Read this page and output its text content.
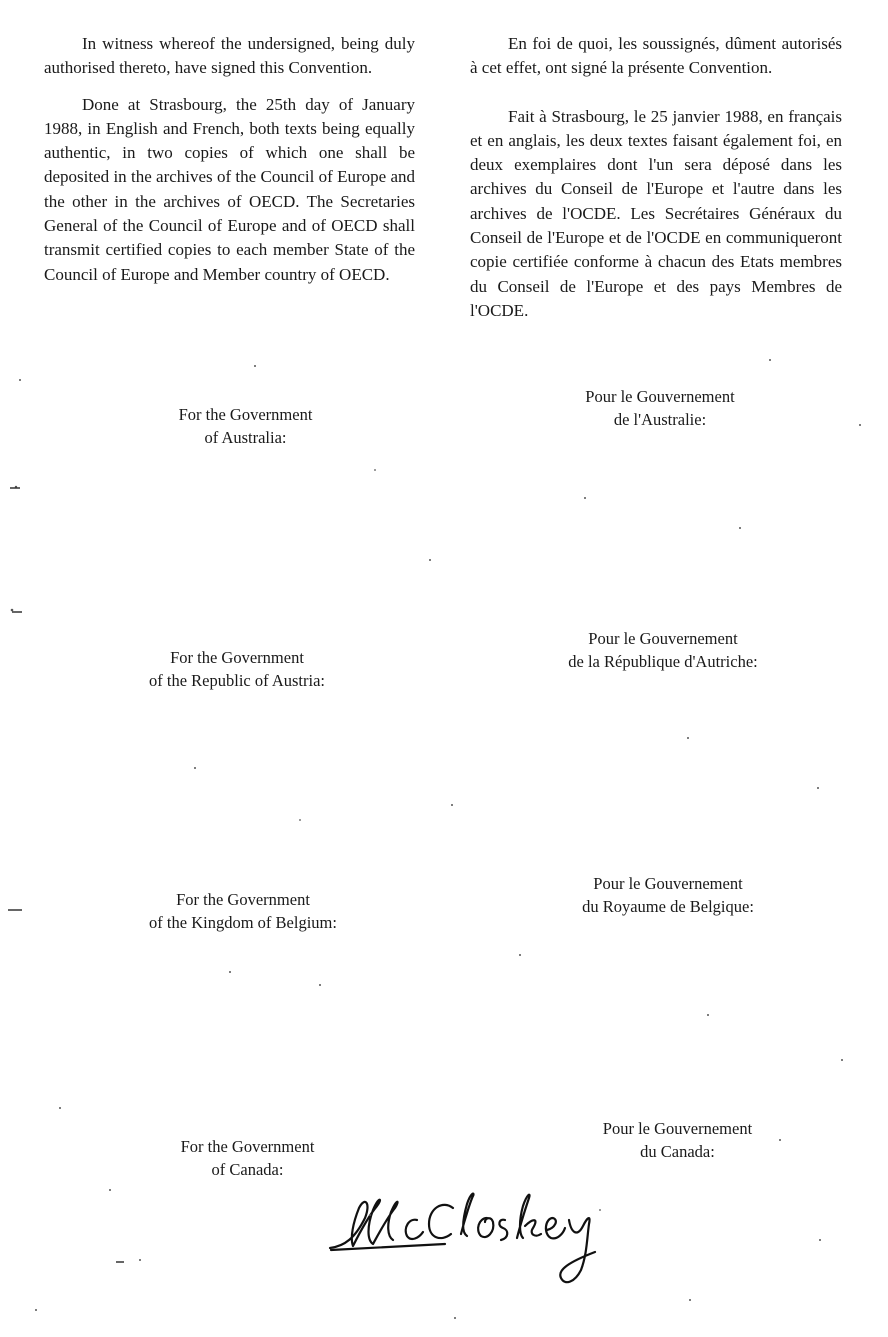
In witness whereof the undersigned, being duly authorised thereto, have signed this Convention.

Done at Strasbourg, the 25th day of January 1988, in English and French, both texts being equally authentic, in two copies of which one shall be deposited in the archives of the Council of Europe and the other in the archives of OECD. The Secretaries General of the Council of Europe and of OECD shall transmit certified copies to each member State of the Council of Europe and Member country of OECD.

En foi de quoi, les soussignés, dûment autorisés à cet effet, ont signé la présente Convention.

Fait à Strasbourg, le 25 janvier 1988, en français et en anglais, les deux textes faisant également foi, en deux exemplaires dont l'un sera déposé dans les archives du Conseil de l'Europe et l'autre dans les archives de l'OCDE. Les Secrétaires Généraux du Conseil de l'Europe et de l'OCDE en communiqueront copie certifiée conforme à chacun des Etats membres du Conseil de l'Europe et des pays Membres de l'OCDE.

For the Government
of Australia:
Pour le Gouvernement
de l'Australie:
For the Government
of the Republic of Austria:
Pour le Gouvernement
de la République d'Autriche:
For the Government
of the Kingdom of Belgium:
Pour le Gouvernement
du Royaume de Belgique:
For the Government
of Canada:
Pour le Gouvernement
du Canada:
